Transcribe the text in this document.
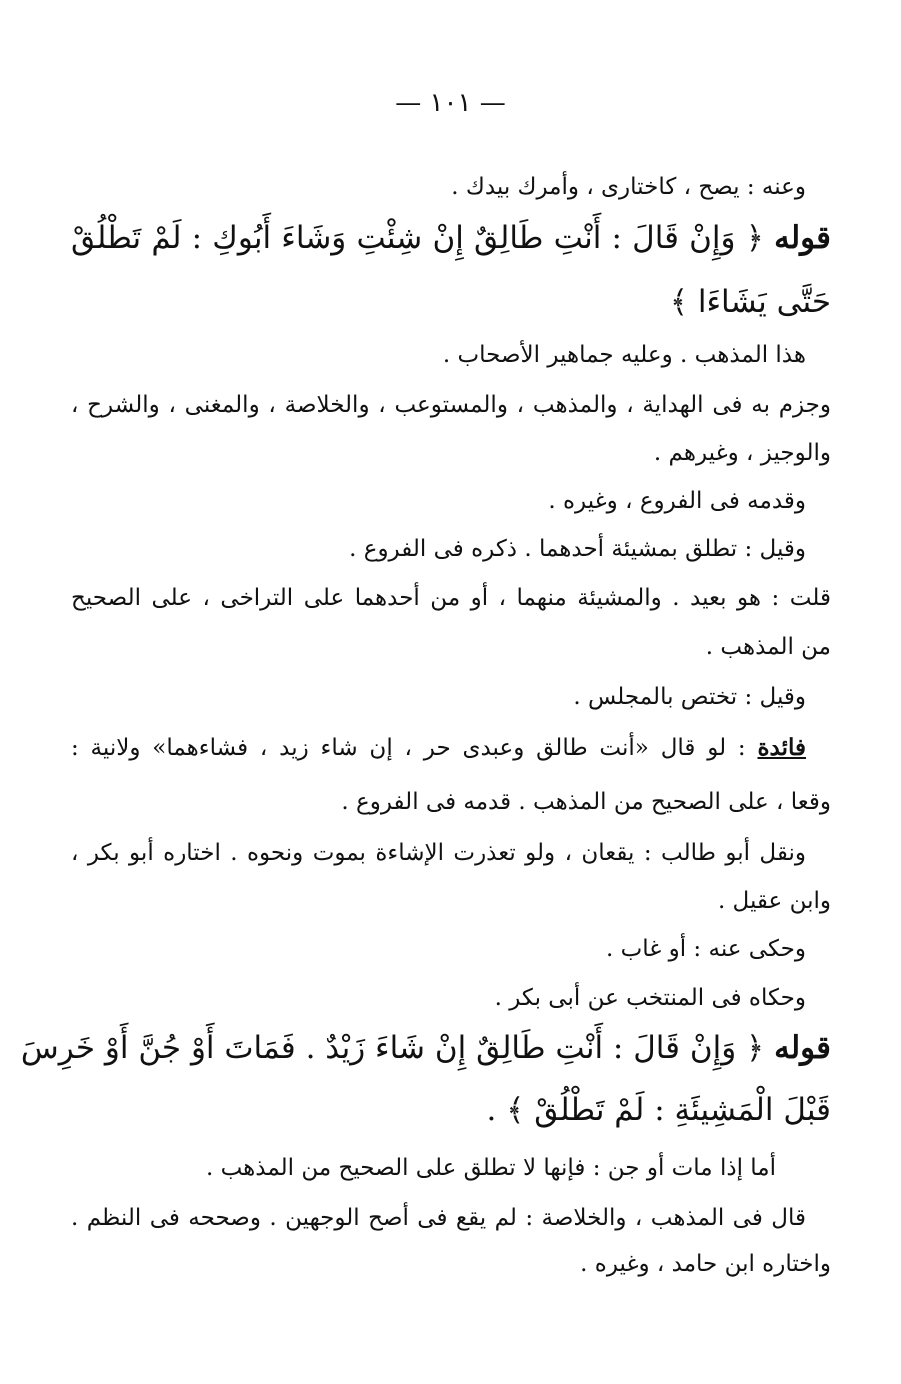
— ١٠١ —
وعنه : يصح ، كاختارى ، وأمرك بيدك .
قوله ﴿ وَإِنْ قَالَ : أَنْتِ طَالِقٌ إِنْ شِئْتِ وَشَاءَ أَبُوكِ : لَمْ تَطْلُقْ
حَتَّى يَشَاءَا ﴾
هذا المذهب . وعليه جماهير الأصحاب .
وجزم به فى الهداية ، والمذهب ، والمستوعب ، والخلاصة ، والمغنى ، والشرح ،
والوجيز ، وغيرهم .
وقدمه فى الفروع ، وغيره .
وقيل : تطلق بمشيئة أحدهما . ذكره فى الفروع .
قلت : هو بعيد . والمشيئة منهما ، أو من أحدهما على التراخى ، على الصحيح
من المذهب .
وقيل : تختص بالمجلس .
فائدة : لو قال «أنت طالق وعبدى حر ، إن شاء زيد ، فشاءهما» ولانية :
وقعا ، على الصحيح من المذهب . قدمه فى الفروع .
ونقل أبو طالب : يقعان ، ولو تعذرت الإشاءة بموت ونحوه . اختاره أبو بكر ،
وابن عقيل .
وحكى عنه : أو غاب .
وحكاه فى المنتخب عن أبى بكر .
قوله ﴿ وَإِنْ قَالَ : أَنْتِ طَالِقٌ إِنْ شَاءَ زَيْدٌ . فَمَاتَ أَوْ جُنَّ أَوْ خَرِسَ
قَبْلَ الْمَشِيئَةِ : لَمْ تَطْلُقْ ﴾ .
أما إذا مات أو جن : فإنها لا تطلق على الصحيح من المذهب .
قال فى المذهب ، والخلاصة : لم يقع فى أصح الوجهين . وصححه فى النظم .
واختاره ابن حامد ، وغيره .
